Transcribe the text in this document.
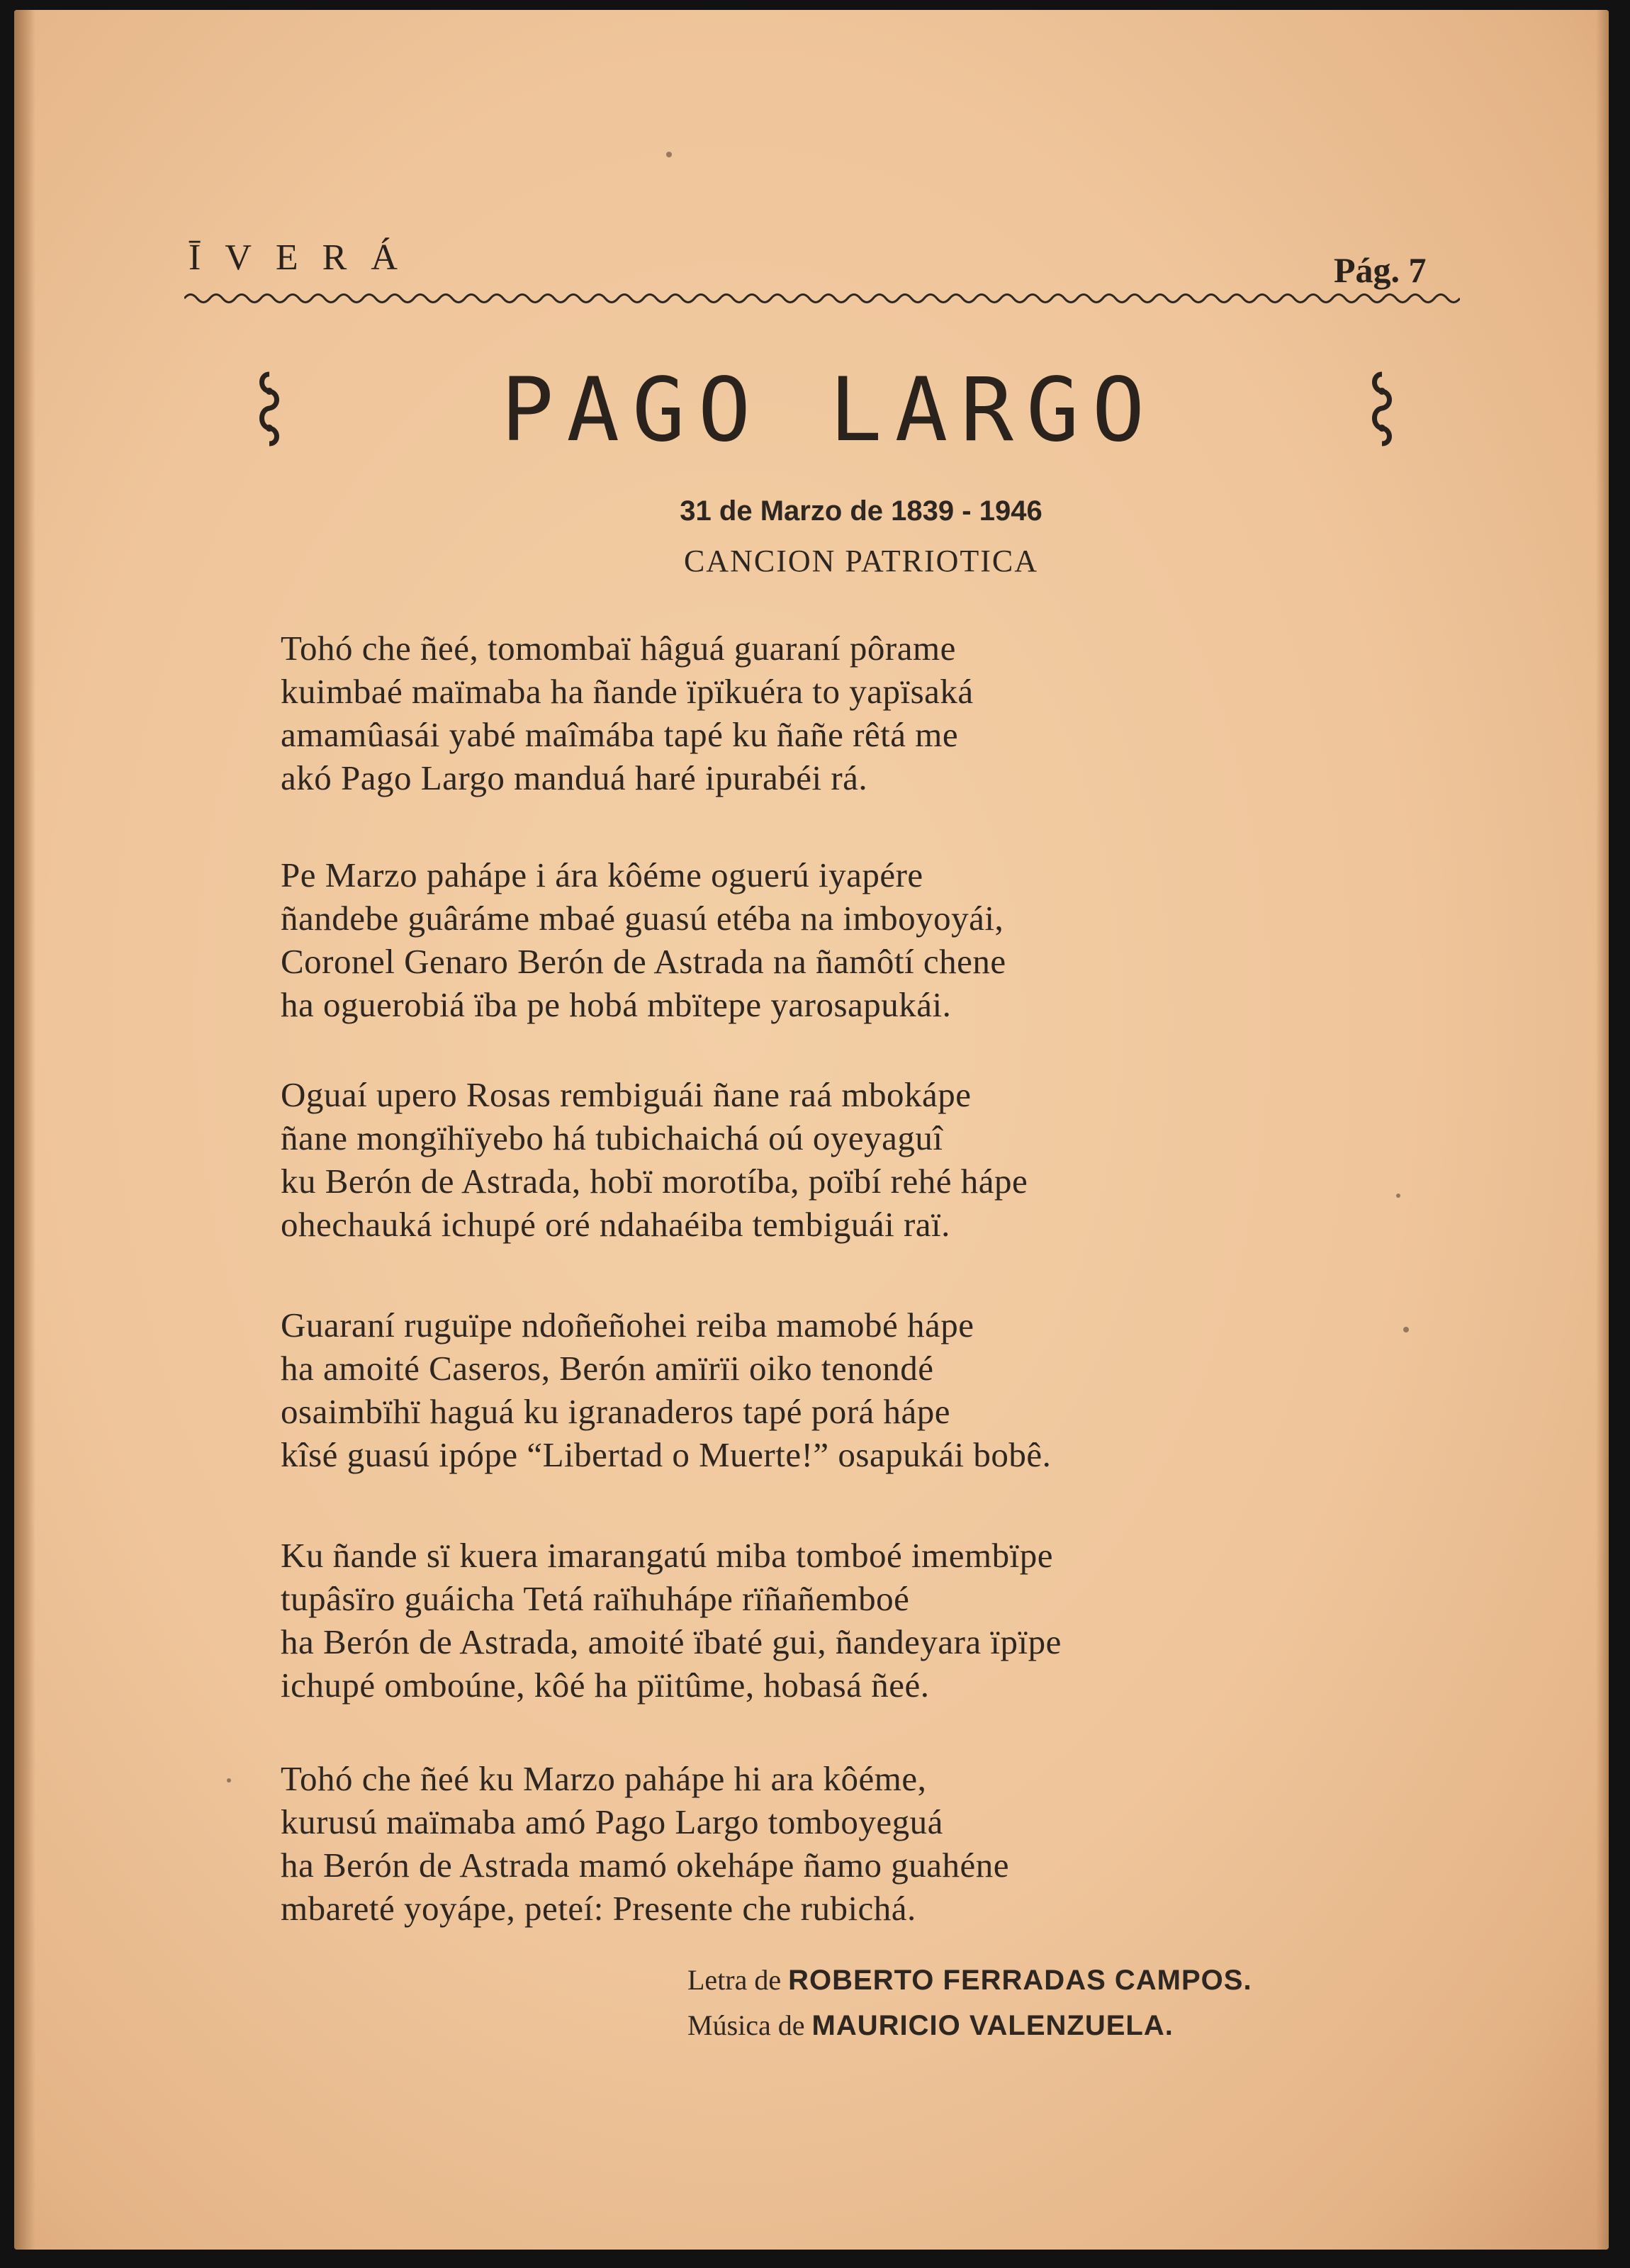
ĪVERÁ	Pág. 7
PAGO LARGO
31 de Marzo de 1839 - 1946
CANCION PATRIOTICA
Tohó che ñeé, tomombaï hâguá guaraní pôrame
kuimbaé maïmaba ha ñande ïpïkuéra to yapïsaká
amamûasái yabé maîmába tapé ku ñañe rêtá me
akó Pago Largo manduá haré ipurabéi rá.
Pe Marzo paháре i ára kôéme oguerú iyapére
ñandebe guâráme mbaé guasú etéba na imboyoyái,
Coronel Genaro Berón de Astrada na ñamôtí chene
ha oguerobiá ïba pe hobá mbïtepe yarosapukái.
Oguaí upero Rosas rembiguái ñane raá mbokápe
ñane mongïhïyebo há tubichaichá oú oyeyaguî
ku Berón de Astrada, hobï morotíba, poïbí rehé hápe
ohechauká ichupé oré ndahaéiba tembiguái raï.
Guaraní ruguïpe ndoñeñohei reiba mamobé hápe
ha amoité Caseros, Berón amïrïi oiko tenondé
osaimbïhï haguá ku igranaderos tapé porá hápe
kîsé guasú ipópe “Libertad o Muerte!” osapukái bobê.
Ku ñande sï kuera imarangatú miba tomboé imembïpe
tupâsïro guáicha Tetá raïhuhápe rïñañemboé
ha Berón de Astrada, amoité ïbaté gui, ñandeyara ïpïpe
ichupé omboúne, kôé ha pïitûme, hobasá ñeé.
Tohó che ñeé ku Marzo paháре hi ara kôéme,
kurusú maïmaba amó Pago Largo tomboyeguá
ha Berón de Astrada mamó okeháре ñamo guahéne
mbareté yoyápe, peteí: Presente che rubichá.
Letra de ROBERTO FERRADAS CAMPOS.
Música de MAURICIO VALENZUELA.
